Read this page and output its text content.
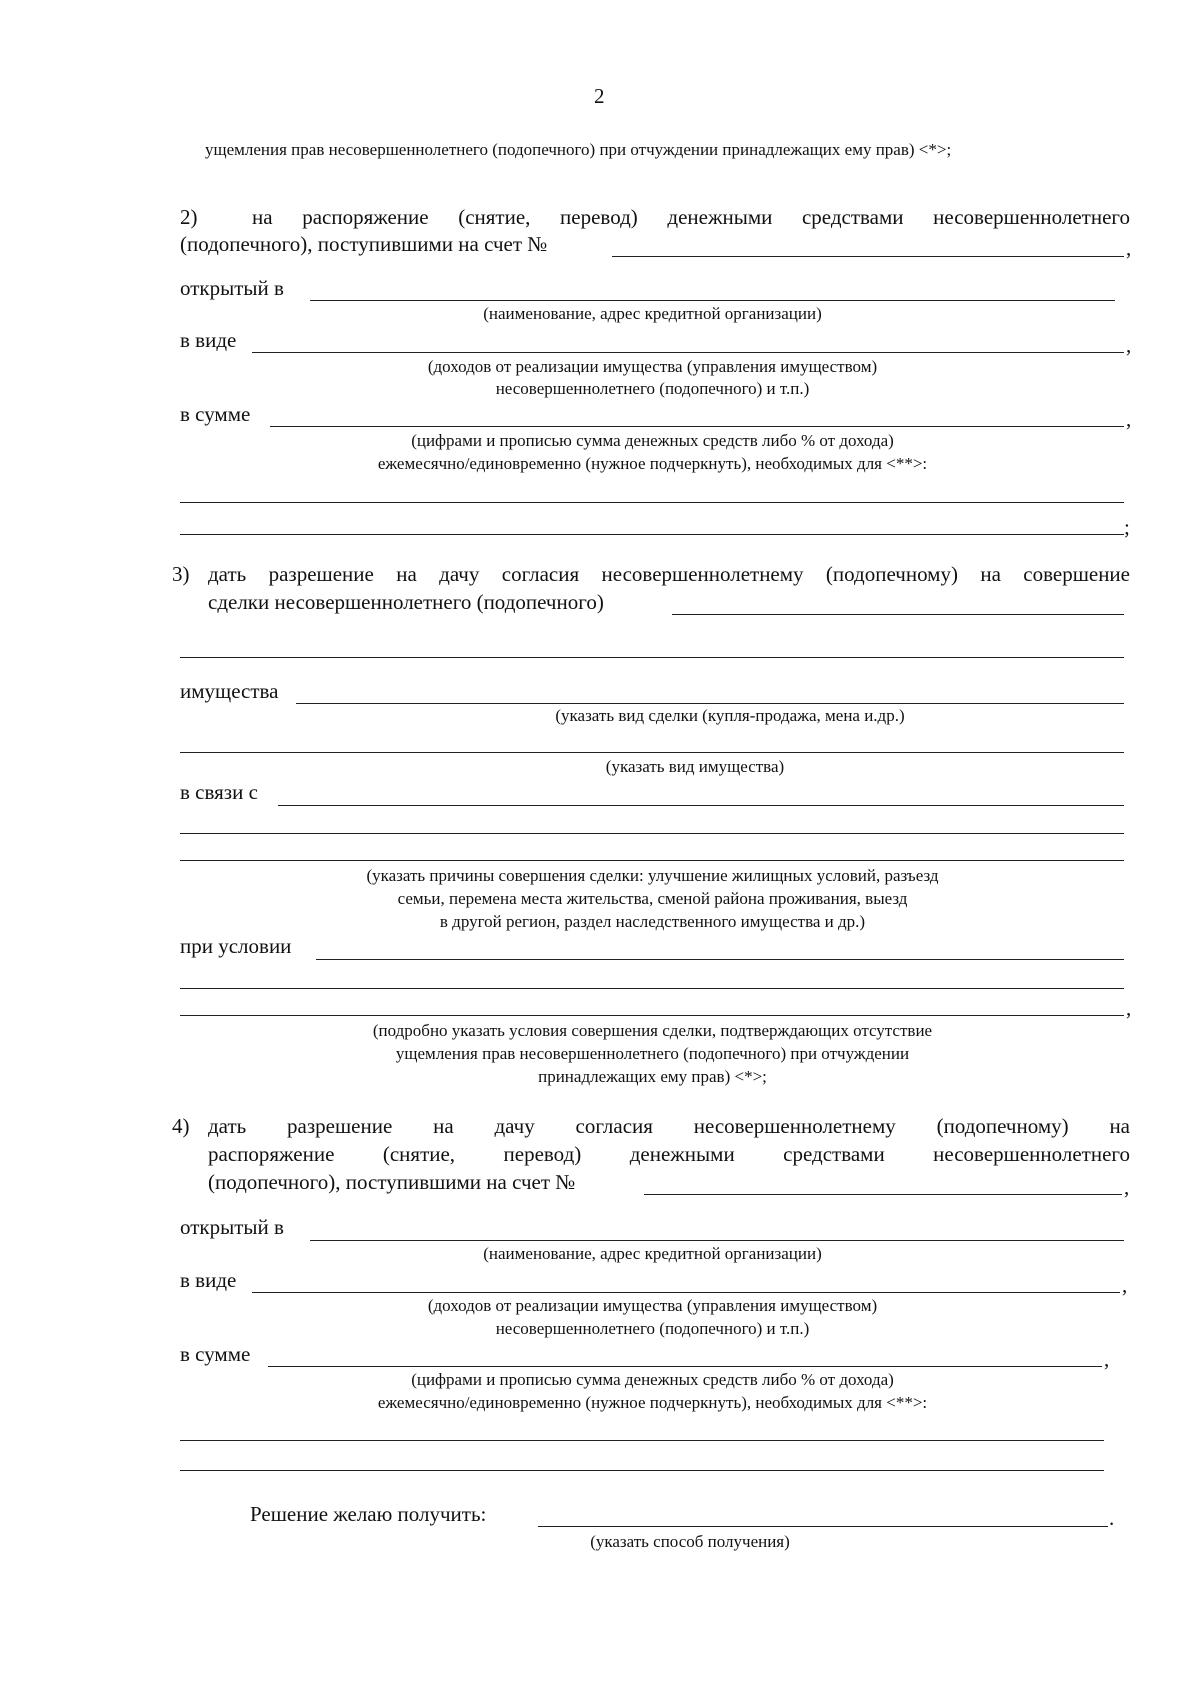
2
ущемления прав несовершеннолетнего (подопечного) при отчуждении принадлежащих ему прав) <*>;
2)	на распоряжение (снятие, перевод) денежными средствами несовершеннолетнего
(подопечного), поступившими на счет №	,
открытый в
(наименование, адрес кредитной организации)
в виде	,
(доходов от реализации имущества (управления имуществом)
несовершеннолетнего (подопечного) и т.п.)
в сумме	,
(цифрами и прописью сумма денежных средств либо % от дохода)
ежемесячно/единовременно (нужное подчеркнуть), необходимых для <**>:
;
3) дать разрешение на дачу согласия несовершеннолетнему (подопечному) на совершение
сделки несовершеннолетнего (подопечного)
имущества
(указать вид сделки (купля-продажа, мена и.др.)
(указать вид имущества)
в связи с
(указать причины совершения сделки: улучшение жилищных условий, разъезд
семьи, перемена места жительства, сменой района проживания, выезд
в другой регион, раздел наследственного имущества и др.)
при условии
,
(подробно указать условия совершения сделки, подтверждающих отсутствие
ущемления прав несовершеннолетнего (подопечного) при отчуждении
принадлежащих ему прав) <*>;
4) дать разрешение на дачу согласия несовершеннолетнему (подопечному) на
распоряжение (снятие, перевод) денежными средствами несовершеннолетнего
(подопечного), поступившими на счет №	,
открытый в
(наименование, адрес кредитной организации)
в виде	,
(доходов от реализации имущества (управления имуществом)
несовершеннолетнего (подопечного) и т.п.)
в сумме	,
(цифрами и прописью сумма денежных средств либо % от дохода)
ежемесячно/единовременно (нужное подчеркнуть), необходимых для <**>:
Решение желаю получить:	.
(указать способ получения)
